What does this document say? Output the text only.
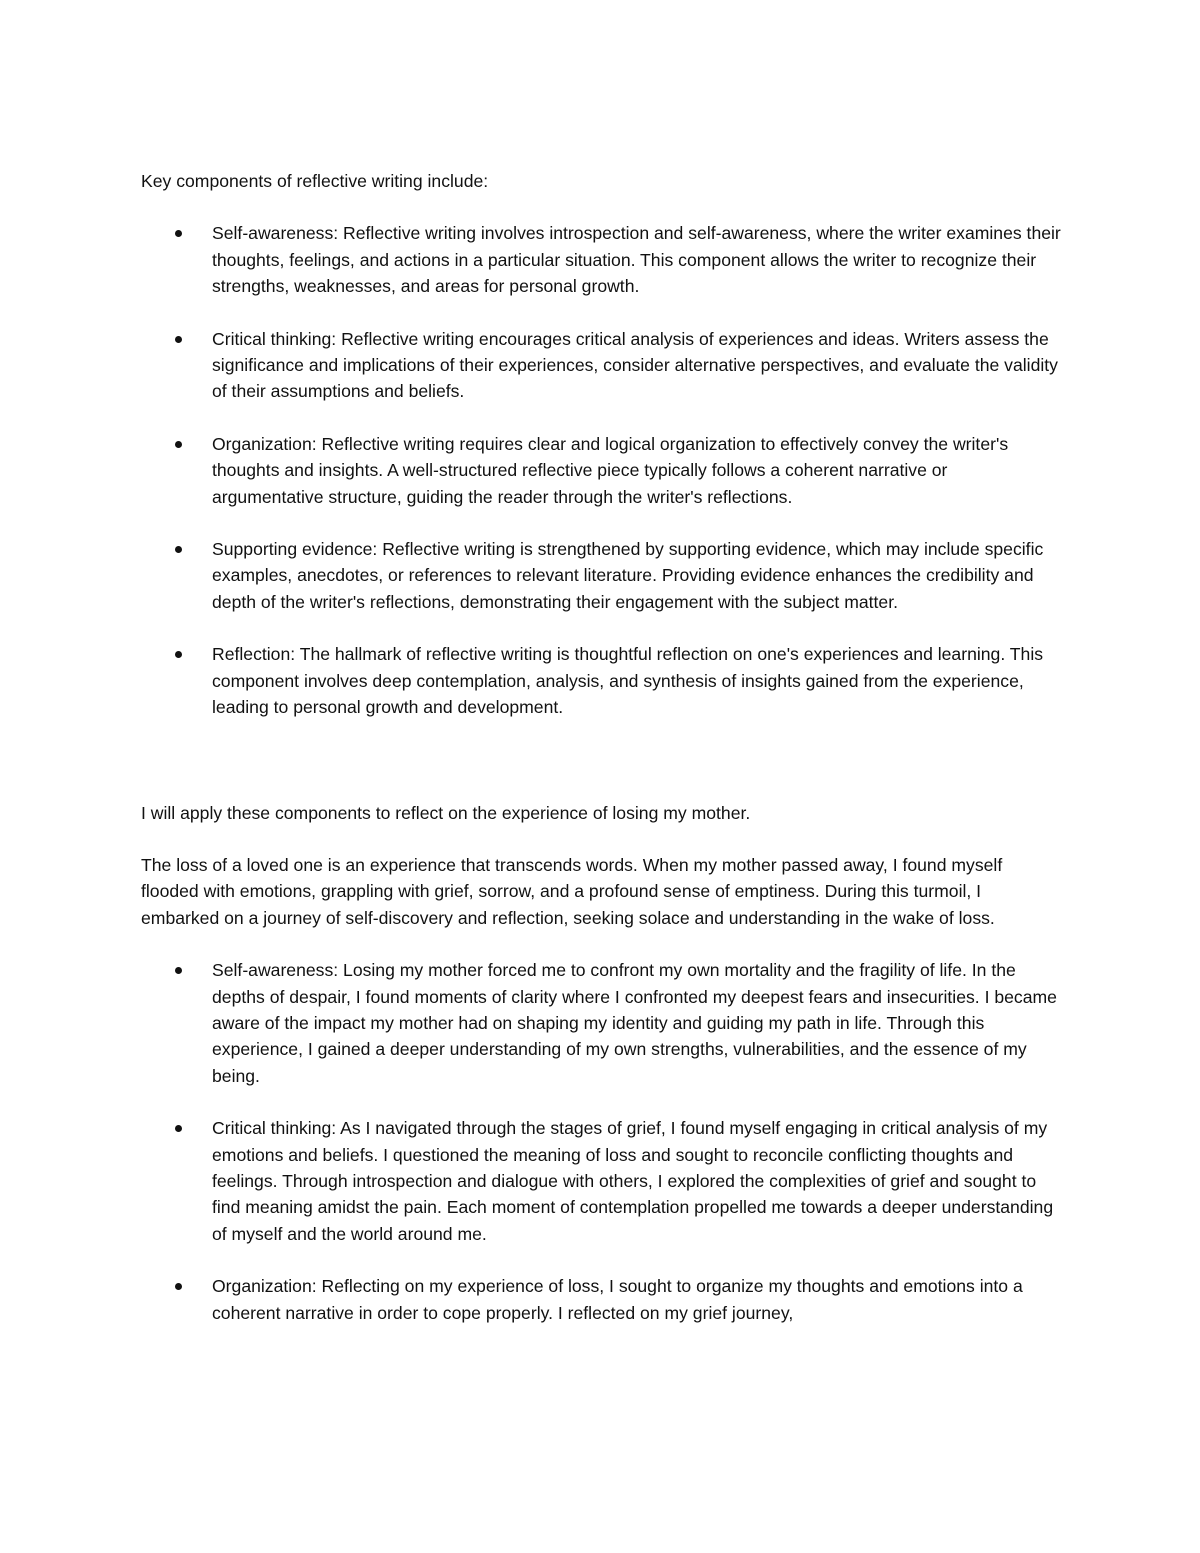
Key components of reflective writing include:

Self-awareness: Reflective writing involves introspection and self-awareness, where the writer examines their thoughts, feelings, and actions in a particular situation. This component allows the writer to recognize their strengths, weaknesses, and areas for personal growth.
Critical thinking: Reflective writing encourages critical analysis of experiences and ideas. Writers assess the significance and implications of their experiences, consider alternative perspectives, and evaluate the validity of their assumptions and beliefs.
Organization: Reflective writing requires clear and logical organization to effectively convey the writer's thoughts and insights. A well-structured reflective piece typically follows a coherent narrative or argumentative structure, guiding the reader through the writer's reflections.
Supporting evidence: Reflective writing is strengthened by supporting evidence, which may include specific examples, anecdotes, or references to relevant literature. Providing evidence enhances the credibility and depth of the writer's reflections, demonstrating their engagement with the subject matter.
Reflection: The hallmark of reflective writing is thoughtful reflection on one's experiences and learning. This component involves deep contemplation, analysis, and synthesis of insights gained from the experience, leading to personal growth and development.

I will apply these components to reflect on the experience of losing my mother.

The loss of a loved one is an experience that transcends words. When my mother passed away, I found myself flooded with emotions, grappling with grief, sorrow, and a profound sense of emptiness. During this turmoil, I embarked on a journey of self-discovery and reflection, seeking solace and understanding in the wake of loss.

Self-awareness: Losing my mother forced me to confront my own mortality and the fragility of life. In the depths of despair, I found moments of clarity where I confronted my deepest fears and insecurities. I became aware of the impact my mother had on shaping my identity and guiding my path in life. Through this experience, I gained a deeper understanding of my own strengths, vulnerabilities, and the essence of my being.
Critical thinking: As I navigated through the stages of grief, I found myself engaging in critical analysis of my emotions and beliefs. I questioned the meaning of loss and sought to reconcile conflicting thoughts and feelings. Through introspection and dialogue with others, I explored the complexities of grief and sought to find meaning amidst the pain. Each moment of contemplation propelled me towards a deeper understanding of myself and the world around me.
Organization: Reflecting on my experience of loss, I sought to organize my thoughts and emotions into a coherent narrative in order to cope properly. I reflected on my grief journey,
